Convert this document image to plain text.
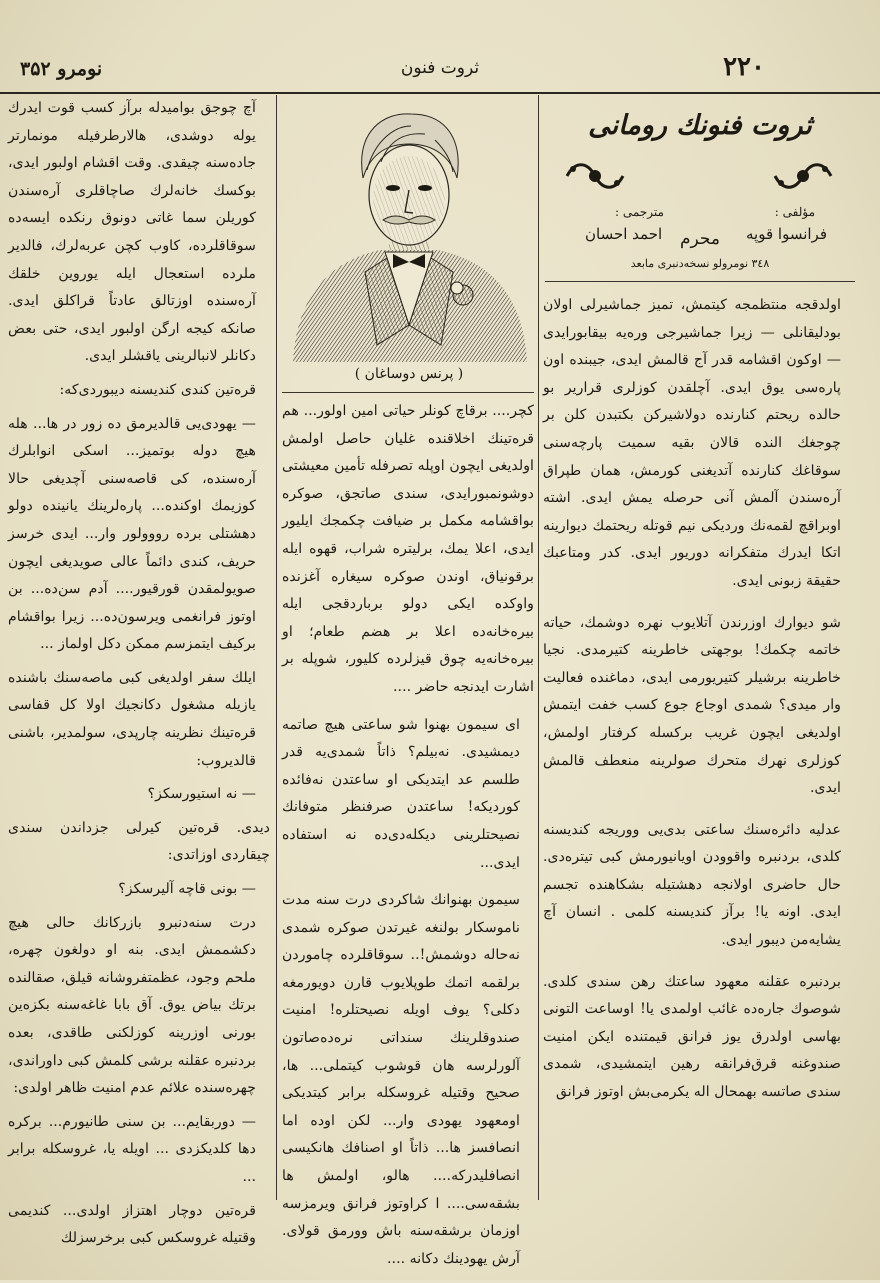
۲۲۰
ثروت فنون
نومرو ۳۵۲
ثروت فنونك رومانى
محرم
مؤلفى :
فرانسوا قوپه
مترجمى :
احمد احسان
٣٤٨ نومرولو نسخه‌دنبرى مابعد

اولدقجه منتظمجه كيتمش، تميز جماشيرلى اولان بودليقانلى — زيرا جماشيرجى وره‌يه بيقابورايدى — اوكون اقشامه قدر آج قالمش ايدى، جيبنده اون پاره‌سى يوق ايدى. آچلقدن كوزلرى قرارير بو حالده ريحتم كنارنده دولاشيركن بكتبدن كلن بر چوجغك النده قالان بقيه سميت پارچه‌سنى سوقاغك كنارنده آتديغنى كورمش، همان طپراق آره‌سندن آلمش آنى حرصله يمش ايدى. اشته اوبراقچ لقمه‌نك ورديكى نيم قوتله ريحتمك ديوارينه اتكا ايدرك متفكرانه دوريور ايدى. كدر ومتاعبك حقيقة زبونى ايدى.

شو ديوارك اوزرندن آتلايوب نهره دوشمك، حياته خاتمه چكمك! بوجهتى خاطرينه كتيرمدى. نجيا خاطرينه برشيلر كتيريورمى ايدى، دماغنده فعاليت وار ميدى؟ شمدى اوجاع جوع كسب خفت ايتمش اولديغى ايچون غريب بركسله كرفتار اولمش، كوزلرى نهرك متحرك صولرينه منعطف قالمش ايدى.

عدليه دائره‌سنك ساعتى بدى‌يى ووريجه كنديسنه كلدى، بردنبره واقوودن اويانيورمش كبى تيتره‌دى. حال حاضرى اولانجه دهشتيله بشكاهنده تجسم ايدى. اونه يا! برآز كنديسنه كلمى . انسان آچ يشايه‌من ديبور ايدى.

بردنبره عقلنه معهود ساعتك رهن سندى كلدى. شوصوك جاره‌ده غائب اولمدى يا! اوساعت التونى بهاسى اولدرق يوز فرانق قيمتنده ايكن امنيت صندوغنه قرق‌فرانقه رهين ايتمشيدى، شمدى سندى صاتسه بهمحال اله يكرمى‌بش اوتوز فرانق

( پرنس دوساغان )

كچر.... برقاچ كونلر حياتى امين اولور... هم قره‌تينك اخلاقنده غليان حاصل اولمش اولديغى ايچون اوپله تصرفله تأمين معيشتى دوشونمبورايدى، سندى صاتجق، صوكره بواقشامه مكمل بر ضيافت چكمجك ايليور ايدى، اعلا يمك، برليتره شراب، قهوه ايله برقونياق، اوندن صوكره سيغاره آغزنده واوكده ايكى دولو برباردقجى ايله بيره‌خانه‌ده اعلا بر هضم طعام؛ او بيره‌خانه‌يه چوق قيزلرده كليور، شوپله بر اشارت ايدنجه حاضر ....

اى سيمون بهنوا شو ساعتى هيچ صاتمه ديمشيدى. نه‌بيلم؟ ذاتاً شمدى‌يه قدر طلسم عد ايتديكى او ساعتدن نه‌فائده كورديكه! ساعتدن صرفنظر متوفانك نصيحتلرينى ديكله‌دى‌ده نه استفاده ايدى...

سيمون بهنوانك شاكردى درت سنه مدت ناموسكار بولنغه غيرتدن صوكره شمدى نه‌حاله دوشمش!.. سوقاقلرده چاموردن برلقمه اتمك طوپلايوب قارن دويورمغه دكلى؟ يوف اويله نصيحتلره! امنيت صندوقلرينك سنداتى نره‌ده‌صاتون آلورلرسه هان قوشوب كيتملى... ها، صحيح وقتيله غروسكله برابر كيتديكى اومعهود يهودى وار... لكن اوده اما انصافسز ها... ذاتاً او اصنافك هانكيسى انصافليدركه.... هالو، اولمش ها بشقه‌سى.... ا كراوتوز فرانق ويرمزسه اوزمان برشقه‌سنه باش وورمق قولاى. آرش يهودينك دكانه ....

آچ چوجق بوامیدله برآز كسب قوت ايدرك يوله دوشدى، هالارطرفيله مونمارتر جاده‌سنه چيقدى. وقت اقشام اولبور ايدى، بوكسك خانه‌لرك صاچاقلرى آره‌سندن كوريلن سما غاتى دونوق رنكده ايسه‌ده سوقاقلرده، كاوب كچن عربه‌لرك، فالدير ملرده استعجال ايله يوروين خلقك آره‌سنده اوزتالق عادتاً قراكلق ايدى. صانكه كيجه ارگن اولبور ايدى، حتى بعض دكانلر لانبالرينى ياقشلر ايدى.

قره‌تين كندى كنديسنه ديبوردى‌كه:

— يهودى‌يى قالديرمق ده زور در ها... هله هيچ دوله بوتميز... اسكى انوابلرك آره‌سنده، كى قاصه‌سنى آچديغى حالا كوزيمك اوكنده... پاره‌لرينك يانينده دولو دهشتلى برده رووولور وار... ايدى خرسز حريف، كندى دائماً عالى صويديغى ايچون صويولمقدن قورقيور.... آدم سن‌ده... بن اوتوز فرانغمى ويرسون‌ده... زيرا بواقشام بركيف ايتمزسم ممكن دكل اولماز ...

ايلك سفر اولديغى كبى ماصه‌سنك باشنده يازيله مشغول دكانجيك اولا كل قفاسى قره‌تينك نظرينه چارپدى، سولمدير، باشنى قالديروب:

— نه استيورسكز؟

ديدى. قره‌تين كيرلى جزداندن سندى چيقاردى اوزاتدى:

— بونى قاچه آليرسكز؟

درت سنه‌دنبرو بازركانك حالى هيچ دكشممش ايدى. بنه او دولغون چهره، ملحم وجود، عظمتفروشانه قيلق، صقالنده برتك بياض يوق. آق بابا غاغه‌سنه بكزه‌ين بورنى اوزرينه كوزلكنى طاقدى، بعده بردنبره عقلنه برشى كلمش كبى داوراندى، چهره‌سنده علائم عدم امنيت ظاهر اولدى:

— دوربقايم... بن سنى طانيورم... بركره دها كلديكزدى ... اويله يا، غروسكله برابر ...

قره‌تين دوچار اهتزاز اولدى... كنديمى وقتيله غروسكس كبى برخرسزلك
